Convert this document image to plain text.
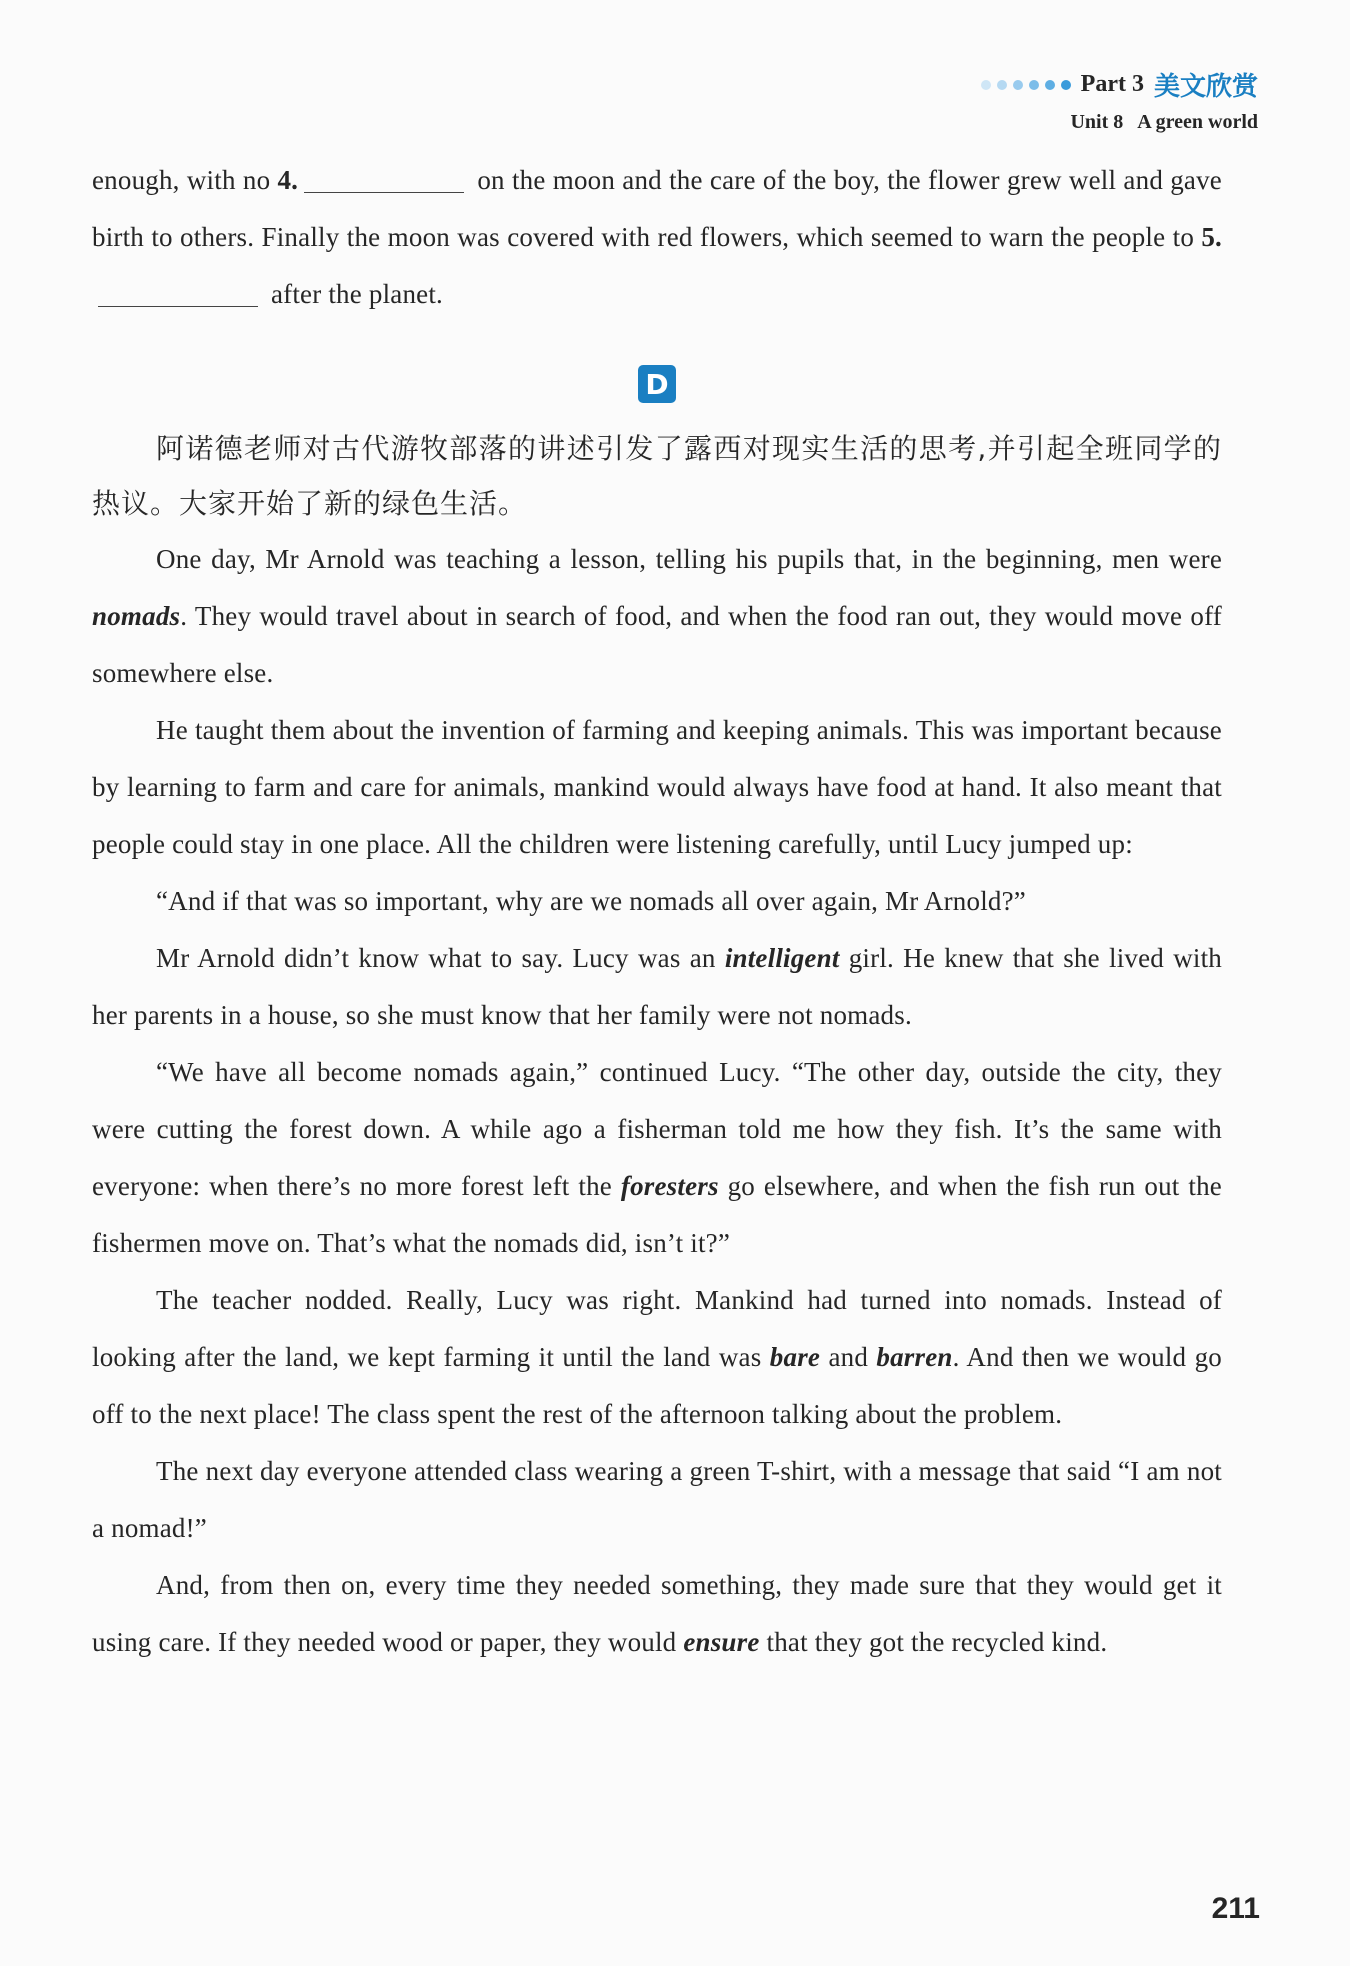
Part 3 美文欣赏
Unit 8 A green world

enough, with no 4.	on the moon and the care of the boy, the flower grew well and gave birth to others. Finally the moon was covered with red flowers, which seemed to warn the people to 5. after the planet.

D

阿诺德老师对古代游牧部落的讲述引发了露西对现实生活的思考,并引起全班同学的热议。大家开始了新的绿色生活。

One day, Mr Arnold was teaching a lesson, telling his pupils that, in the beginning, men were nomads. They would travel about in search of food, and when the food ran out, they would move off somewhere else.

He taught them about the invention of farming and keeping animals. This was important because by learning to farm and care for animals, mankind would always have food at hand. It also meant that people could stay in one place. All the children were listening carefully, until Lucy jumped up:

“And if that was so important, why are we nomads all over again, Mr Arnold?”

Mr Arnold didn’t know what to say. Lucy was an intelligent girl. He knew that she lived with her parents in a house, so she must know that her family were not nomads.

“We have all become nomads again,” continued Lucy. “The other day, outside the city, they were cutting the forest down. A while ago a fisherman told me how they fish. It’s the same with everyone: when there’s no more forest left the foresters go elsewhere, and when the fish run out the fishermen move on. That’s what the nomads did, isn’t it?”

The teacher nodded. Really, Lucy was right. Mankind had turned into nomads. Instead of looking after the land, we kept farming it until the land was bare and barren. And then we would go off to the next place! The class spent the rest of the afternoon talking about the problem.

The next day everyone attended class wearing a green T-shirt, with a message that said “I am not a nomad!”

And, from then on, every time they needed something, they made sure that they would get it using care. If they needed wood or paper, they would ensure that they got the recycled kind.

211
